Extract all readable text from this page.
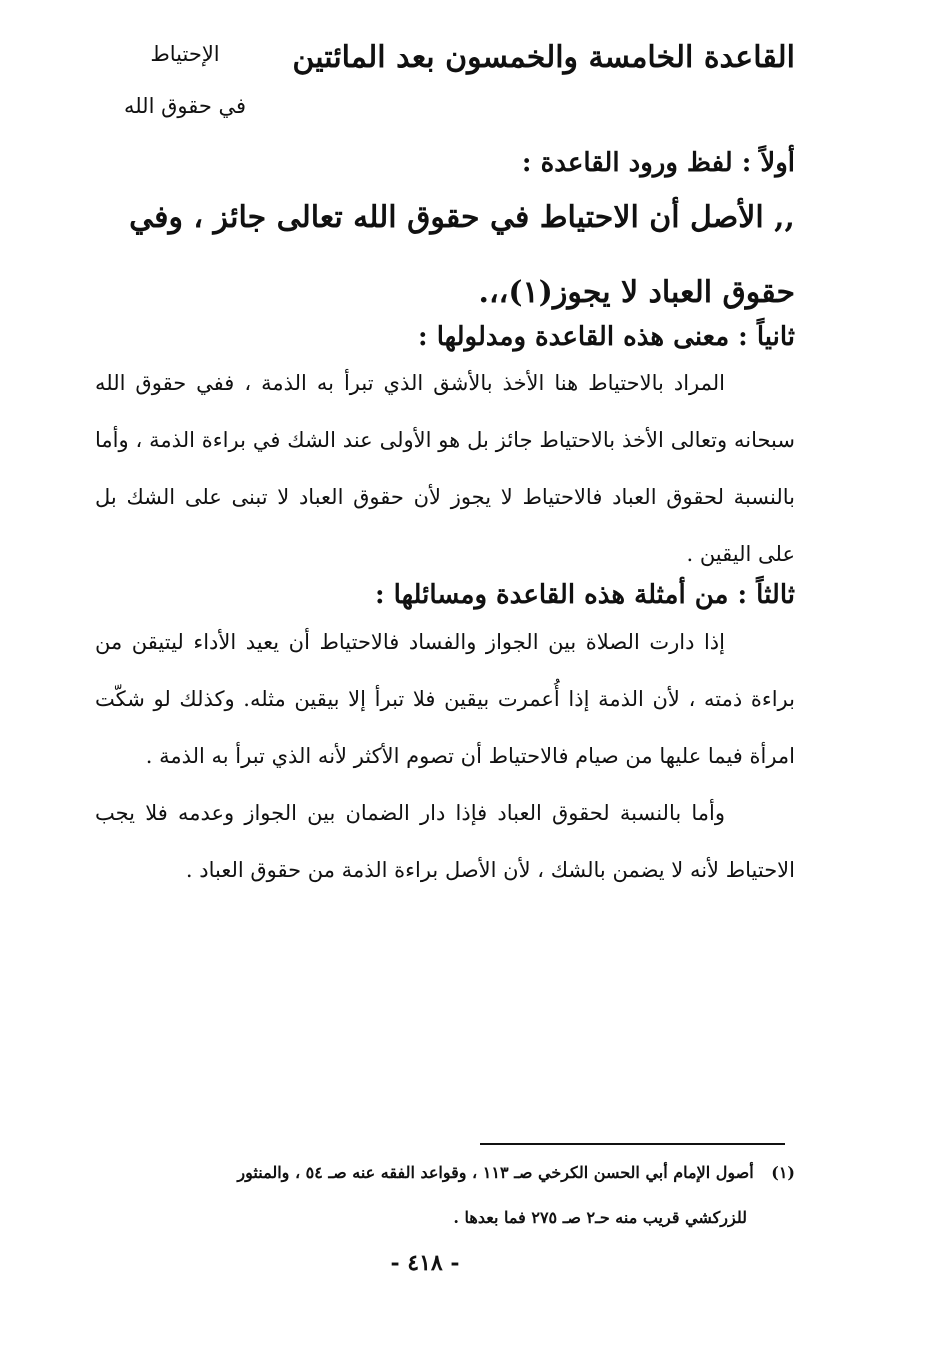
القاعدة الخامسة والخمسون بعد المائتين
الإحتياط
في حقوق الله
أولاً : لفظ ورود القاعدة :
,, الأصل أن الاحتياط في حقوق الله تعالى جائز ، وفي
حقوق العباد لا يجوز(١)،،.
ثانياً : معنى هذه القاعدة ومدلولها :

المراد بالاحتياط هنا الأخذ بالأشق الذي تبرأ به الذمة ، ففي حقوق الله سبحانه وتعالى الأخذ بالاحتياط جائز بل هو الأولى عند الشك في براءة الذمة ، وأما بالنسبة لحقوق العباد فالاحتياط لا يجوز لأن حقوق العباد لا تبنى على الشك بل على اليقين .

ثالثاً : من أمثلة هذه القاعدة ومسائلها :

إذا دارت الصلاة بين الجواز والفساد فالاحتياط أن يعيد الأداء ليتيقن من براءة ذمته ، لأن الذمة إذا أُعمرت بيقين فلا تبرأ إلا بيقين مثله. وكذلك لو شكّت امرأة فيما عليها من صيام فالاحتياط أن تصوم الأكثر لأنه الذي تبرأ به الذمة .

وأما بالنسبة لحقوق العباد فإذا دار الضمان بين الجواز وعدمه فلا يجب الاحتياط لأنه لا يضمن بالشك ، لأن الأصل براءة الذمة من حقوق العباد .

(١) أصول الإمام أبي الحسن الكرخي صـ ١١٣ ، وقواعد الفقه عنه صـ ٥٤ ، والمنثور
للزركشي قريب منه حـ٢ صـ ٢٧٥ فما بعدها .
- ٤١٨ -
